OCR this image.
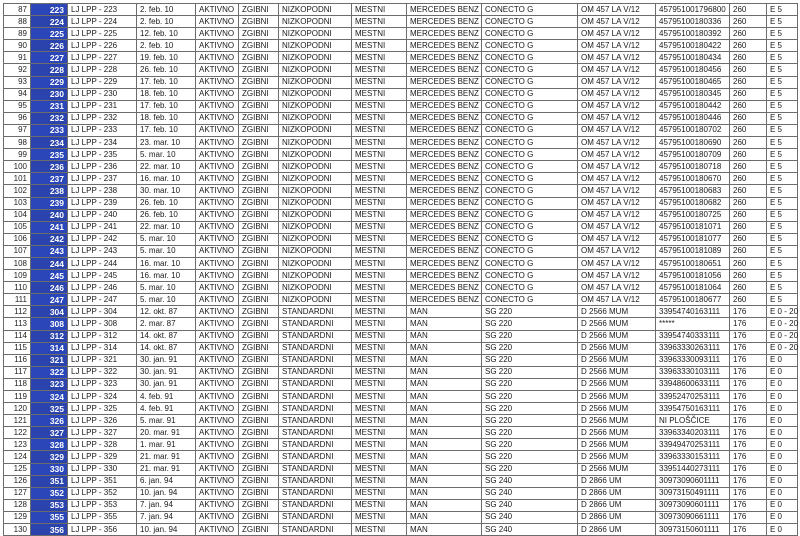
87	223	LJ LPP - 223	2. feb. 10	AKTIVNO	ZGIBNI	NIZKOPODNI	MESTNI	MERCEDES BENZ	CONECTO G	OM 457 LA V/12	457951001796800	260	E 5
88	224	LJ LPP - 224	2. feb. 10	AKTIVNO	ZGIBNI	NIZKOPODNI	MESTNI	MERCEDES BENZ	CONECTO G	OM 457 LA V/12	45795100180336	260	E 5
89	225	LJ LPP - 225	12. feb. 10	AKTIVNO	ZGIBNI	NIZKOPODNI	MESTNI	MERCEDES BENZ	CONECTO G	OM 457 LA V/12	45795100180392	260	E 5
90	226	LJ LPP - 226	2. feb. 10	AKTIVNO	ZGIBNI	NIZKOPODNI	MESTNI	MERCEDES BENZ	CONECTO G	OM 457 LA V/12	45795100180422	260	E 5
91	227	LJ LPP - 227	19. feb. 10	AKTIVNO	ZGIBNI	NIZKOPODNI	MESTNI	MERCEDES BENZ	CONECTO G	OM 457 LA V/12	45795100180434	260	E 5
92	228	LJ LPP - 228	26. feb. 10	AKTIVNO	ZGIBNI	NIZKOPODNI	MESTNI	MERCEDES BENZ	CONECTO G	OM 457 LA V/12	45795100180456	260	E 5
93	229	LJ LPP - 229	17. feb. 10	AKTIVNO	ZGIBNI	NIZKOPODNI	MESTNI	MERCEDES BENZ	CONECTO G	OM 457 LA V/12	45795100180465	260	E 5
94	230	LJ LPP - 230	18. feb. 10	AKTIVNO	ZGIBNI	NIZKOPODNI	MESTNI	MERCEDES BENZ	CONECTO G	OM 457 LA V/12	45795100180345	260	E 5
95	231	LJ LPP - 231	17. feb. 10	AKTIVNO	ZGIBNI	NIZKOPODNI	MESTNI	MERCEDES BENZ	CONECTO G	OM 457 LA V/12	45795100180442	260	E 5
96	232	LJ LPP - 232	18. feb. 10	AKTIVNO	ZGIBNI	NIZKOPODNI	MESTNI	MERCEDES BENZ	CONECTO G	OM 457 LA V/12	45795100180446	260	E 5
97	233	LJ LPP - 233	17. feb. 10	AKTIVNO	ZGIBNI	NIZKOPODNI	MESTNI	MERCEDES BENZ	CONECTO G	OM 457 LA V/12	45795100180702	260	E 5
98	234	LJ LPP - 234	23. mar. 10	AKTIVNO	ZGIBNI	NIZKOPODNI	MESTNI	MERCEDES BENZ	CONECTO G	OM 457 LA V/12	45795100180690	260	E 5
99	235	LJ LPP - 235	5. mar. 10	AKTIVNO	ZGIBNI	NIZKOPODNI	MESTNI	MERCEDES BENZ	CONECTO G	OM 457 LA V/12	45795100180709	260	E 5
100	236	LJ LPP - 236	22. mar. 10	AKTIVNO	ZGIBNI	NIZKOPODNI	MESTNI	MERCEDES BENZ	CONECTO G	OM 457 LA V/12	45795100180718	260	E 5
101	237	LJ LPP - 237	16. mar. 10	AKTIVNO	ZGIBNI	NIZKOPODNI	MESTNI	MERCEDES BENZ	CONECTO G	OM 457 LA V/12	45795100180670	260	E 5
102	238	LJ LPP - 238	30. mar. 10	AKTIVNO	ZGIBNI	NIZKOPODNI	MESTNI	MERCEDES BENZ	CONECTO G	OM 457 LA V/12	45795100180683	260	E 5
103	239	LJ LPP - 239	26. feb. 10	AKTIVNO	ZGIBNI	NIZKOPODNI	MESTNI	MERCEDES BENZ	CONECTO G	OM 457 LA V/12	45795100180682	260	E 5
104	240	LJ LPP - 240	26. feb. 10	AKTIVNO	ZGIBNI	NIZKOPODNI	MESTNI	MERCEDES BENZ	CONECTO G	OM 457 LA V/12	45795100180725	260	E 5
105	241	LJ LPP - 241	22. mar. 10	AKTIVNO	ZGIBNI	NIZKOPODNI	MESTNI	MERCEDES BENZ	CONECTO G	OM 457 LA V/12	45795100181071	260	E 5
106	242	LJ LPP - 242	5. mar. 10	AKTIVNO	ZGIBNI	NIZKOPODNI	MESTNI	MERCEDES BENZ	CONECTO G	OM 457 LA V/12	45795100181077	260	E 5
107	243	LJ LPP - 243	5. mar. 10	AKTIVNO	ZGIBNI	NIZKOPODNI	MESTNI	MERCEDES BENZ	CONECTO G	OM 457 LA V/12	45795100181089	260	E 5
108	244	LJ LPP - 244	16. mar. 10	AKTIVNO	ZGIBNI	NIZKOPODNI	MESTNI	MERCEDES BENZ	CONECTO G	OM 457 LA V/12	45795100180651	260	E 5
109	245	LJ LPP - 245	16. mar. 10	AKTIVNO	ZGIBNI	NIZKOPODNI	MESTNI	MERCEDES BENZ	CONECTO G	OM 457 LA V/12	45795100181056	260	E 5
110	246	LJ LPP - 246	5. mar. 10	AKTIVNO	ZGIBNI	NIZKOPODNI	MESTNI	MERCEDES BENZ	CONECTO G	OM 457 LA V/12	45795100181064	260	E 5
111	247	LJ LPP - 247	5. mar. 10	AKTIVNO	ZGIBNI	NIZKOPODNI	MESTNI	MERCEDES BENZ	CONECTO G	OM 457 LA V/12	45795100180677	260	E 5
112	304	LJ LPP - 304	12. okt. 87	AKTIVNO	ZGIBNI	STANDARDNI	MESTNI	MAN	SG 220	D 2566 MUM	33954740163111	176	E 0 - 20
113	308	LJ LPP - 308	2. mar. 87	AKTIVNO	ZGIBNI	STANDARDNI	MESTNI	MAN	SG 220	D 2566 MUM	*****	176	E 0 - 20
114	312	LJ LPP - 312	14. okt. 87	AKTIVNO	ZGIBNI	STANDARDNI	MESTNI	MAN	SG 220	D 2566 MUM	33954740333111	176	E 0 - 20
115	314	LJ LPP - 314	14. okt. 87	AKTIVNO	ZGIBNI	STANDARDNI	MESTNI	MAN	SG 220	D 2566 MUM	33963330263111	176	E 0 - 20
116	321	LJ LPP - 321	30. jan. 91	AKTIVNO	ZGIBNI	STANDARDNI	MESTNI	MAN	SG 220	D 2566 MUM	33963330093111	176	E 0
117	322	LJ LPP - 322	30. jan. 91	AKTIVNO	ZGIBNI	STANDARDNI	MESTNI	MAN	SG 220	D 2566 MUM	33963330103111	176	E 0
118	323	LJ LPP - 323	30. jan. 91	AKTIVNO	ZGIBNI	STANDARDNI	MESTNI	MAN	SG 220	D 2566 MUM	33948600633111	176	E 0
119	324	LJ LPP - 324	4. feb. 91	AKTIVNO	ZGIBNI	STANDARDNI	MESTNI	MAN	SG 220	D 2566 MUM	33952470253111	176	E 0
120	325	LJ LPP - 325	4. feb. 91	AKTIVNO	ZGIBNI	STANDARDNI	MESTNI	MAN	SG 220	D 2566 MUM	33954750163111	176	E 0
121	326	LJ LPP - 326	5. mar. 91	AKTIVNO	ZGIBNI	STANDARDNI	MESTNI	MAN	SG 220	D 2566 MUM	NI PLOŠČICE	176	E 0
122	327	LJ LPP - 327	20. mar. 91	AKTIVNO	ZGIBNI	STANDARDNI	MESTNI	MAN	SG 220	D 2566 MUM	33963340203111	176	E 0
123	328	LJ LPP - 328	1. mar. 91	AKTIVNO	ZGIBNI	STANDARDNI	MESTNI	MAN	SG 220	D 2566 MUM	33949470253111	176	E 0
124	329	LJ LPP - 329	21. mar. 91	AKTIVNO	ZGIBNI	STANDARDNI	MESTNI	MAN	SG 220	D 2566 MUM	33963330153111	176	E 0
125	330	LJ LPP - 330	21. mar. 91	AKTIVNO	ZGIBNI	STANDARDNI	MESTNI	MAN	SG 220	D 2566 MUM	33951440273111	176	E 0
126	351	LJ LPP - 351	6. jan. 94	AKTIVNO	ZGIBNI	STANDARDNI	MESTNI	MAN	SG 240	D 2866 UM	30973090601111	176	E 0
127	352	LJ LPP - 352	10. jan. 94	AKTIVNO	ZGIBNI	STANDARDNI	MESTNI	MAN	SG 240	D 2866 UM	30973150491111	176	E 0
128	353	LJ LPP - 353	7. jan. 94	AKTIVNO	ZGIBNI	STANDARDNI	MESTNI	MAN	SG 240	D 2866 UM	30973090601111	176	E 0
129	355	LJ LPP - 355	7. jan. 94	AKTIVNO	ZGIBNI	STANDARDNI	MESTNI	MAN	SG 240	D 2866 UM	30973090661111	176	E 0
130	356	LJ LPP - 356	10. jan. 94	AKTIVNO	ZGIBNI	STANDARDNI	MESTNI	MAN	SG 240	D 2866 UM	30973150601111	176	E 0
